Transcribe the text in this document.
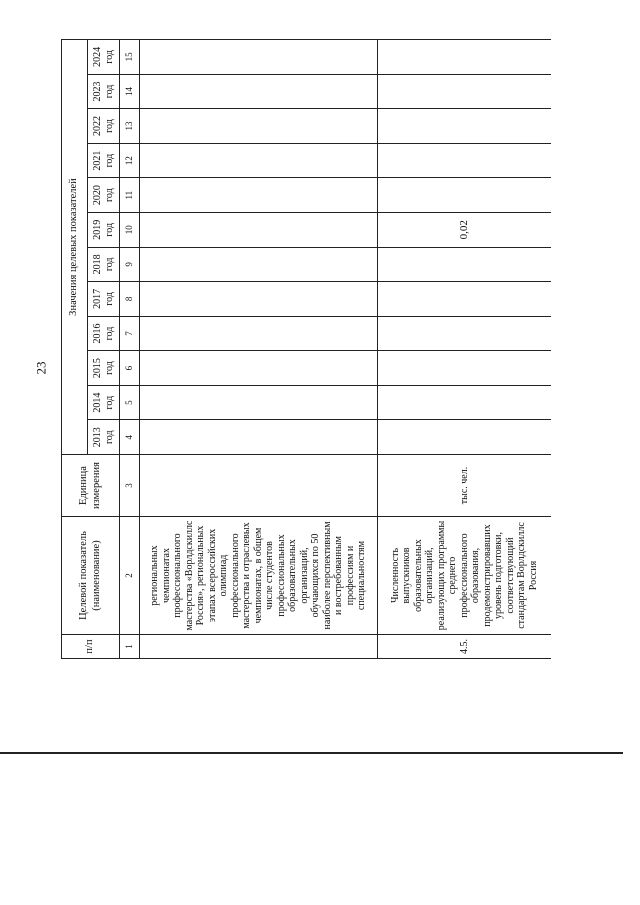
23
п/п	Целевой показатель (наименование)	Единица измерения	Значения целевых показателей											
			2013 год	2014 год	2015 год	2016 год	2017 год	2018 год	2019 год	2020 год	2021 год	2022 год	2023 год	2024 год
1	2	3	4	5	6	7	8	9	10	11	12	13	14	15
	региональных чемпионатах профессионального мастерства «Ворлдскиллс Россия», региональных этапах всероссийских олимпиад профессионального мастерства и отраслевых чемпионатах, в общем числе студентов профессиональных образовательных организаций, обучающихся по 50 наиболее перспективным и востребованным профессиям и специальностям													
4.5.	Численность выпускников образовательных организаций, реализующих программы среднего профессионального образования, продемонстрировавших уровень подготовки, соответствующий стандартам Ворлдскиллс Россия	тыс. чел.							0,02					
